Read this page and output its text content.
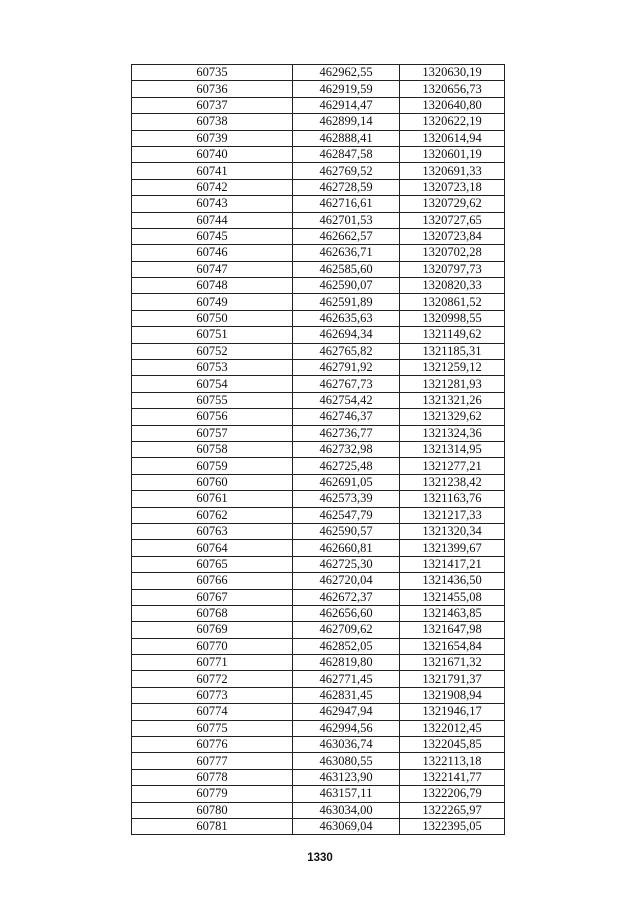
60735	462962,55	1320630,19
60736	462919,59	1320656,73
60737	462914,47	1320640,80
60738	462899,14	1320622,19
60739	462888,41	1320614,94
60740	462847,58	1320601,19
60741	462769,52	1320691,33
60742	462728,59	1320723,18
60743	462716,61	1320729,62
60744	462701,53	1320727,65
60745	462662,57	1320723,84
60746	462636,71	1320702,28
60747	462585,60	1320797,73
60748	462590,07	1320820,33
60749	462591,89	1320861,52
60750	462635,63	1320998,55
60751	462694,34	1321149,62
60752	462765,82	1321185,31
60753	462791,92	1321259,12
60754	462767,73	1321281,93
60755	462754,42	1321321,26
60756	462746,37	1321329,62
60757	462736,77	1321324,36
60758	462732,98	1321314,95
60759	462725,48	1321277,21
60760	462691,05	1321238,42
60761	462573,39	1321163,76
60762	462547,79	1321217,33
60763	462590,57	1321320,34
60764	462660,81	1321399,67
60765	462725,30	1321417,21
60766	462720,04	1321436,50
60767	462672,37	1321455,08
60768	462656,60	1321463,85
60769	462709,62	1321647,98
60770	462852,05	1321654,84
60771	462819,80	1321671,32
60772	462771,45	1321791,37
60773	462831,45	1321908,94
60774	462947,94	1321946,17
60775	462994,56	1322012,45
60776	463036,74	1322045,85
60777	463080,55	1322113,18
60778	463123,90	1322141,77
60779	463157,11	1322206,79
60780	463034,00	1322265,97
60781	463069,04	1322395,05
1330
